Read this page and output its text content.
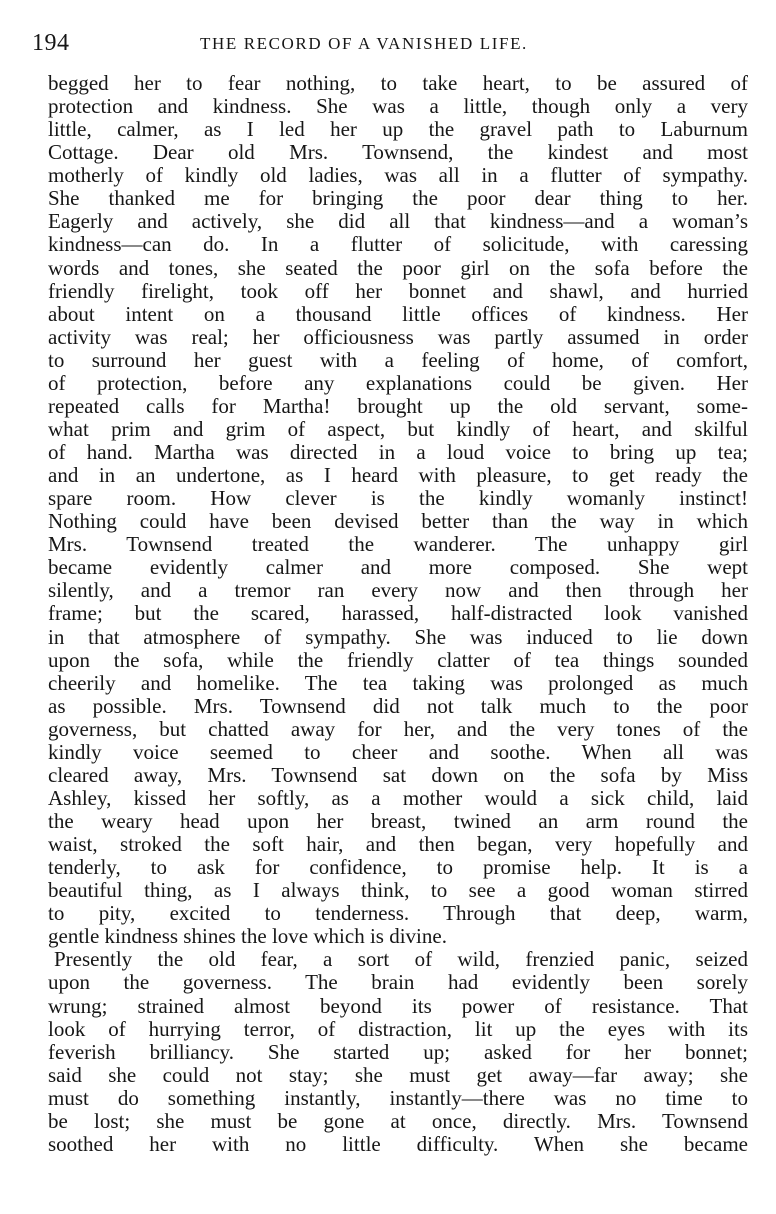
194	THE RECORD OF A VANISHED LIFE.
begged her to fear nothing, to take heart, to be assured of
protection and kindness. She was a little, though only a very
little, calmer, as I led her up the gravel path to Laburnum
Cottage. Dear old Mrs. Townsend, the kindest and most
motherly of kindly old ladies, was all in a flutter of sympathy.
She thanked me for bringing the poor dear thing to her.
Eagerly and actively, she did all that kindness—and a woman’s
kindness—can do. In a flutter of solicitude, with caressing
words and tones, she seated the poor girl on the sofa before the
friendly firelight, took off her bonnet and shawl, and hurried
about intent on a thousand little offices of kindness. Her
activity was real; her officiousness was partly assumed in order
to surround her guest with a feeling of home, of comfort,
of protection, before any explanations could be given. Her
repeated calls for Martha! brought up the old servant, some-
what prim and grim of aspect, but kindly of heart, and skilful
of hand. Martha was directed in a loud voice to bring up tea;
and in an undertone, as I heard with pleasure, to get ready the
spare room. How clever is the kindly womanly instinct!
Nothing could have been devised better than the way in which
Mrs. Townsend treated the wanderer. The unhappy girl
became evidently calmer and more composed. She wept
silently, and a tremor ran every now and then through her
frame; but the scared, harassed, half-distracted look vanished
in that atmosphere of sympathy. She was induced to lie down
upon the sofa, while the friendly clatter of tea things sounded
cheerily and homelike. The tea taking was prolonged as much
as possible. Mrs. Townsend did not talk much to the poor
governess, but chatted away for her, and the very tones of the
kindly voice seemed to cheer and soothe. When all was
cleared away, Mrs. Townsend sat down on the sofa by Miss
Ashley, kissed her softly, as a mother would a sick child, laid
the weary head upon her breast, twined an arm round the
waist, stroked the soft hair, and then began, very hopefully and
tenderly, to ask for confidence, to promise help. It is a
beautiful thing, as I always think, to see a good woman stirred
to pity, excited to tenderness. Through that deep, warm,
gentle kindness shines the love which is divine.
Presently the old fear, a sort of wild, frenzied panic, seized
upon the governess. The brain had evidently been sorely
wrung; strained almost beyond its power of resistance. That
look of hurrying terror, of distraction, lit up the eyes with its
feverish brilliancy. She started up; asked for her bonnet;
said she could not stay; she must get away—far away; she
must do something instantly, instantly—there was no time to
be lost; she must be gone at once, directly. Mrs. Townsend
soothed her with no little difficulty. When she became
